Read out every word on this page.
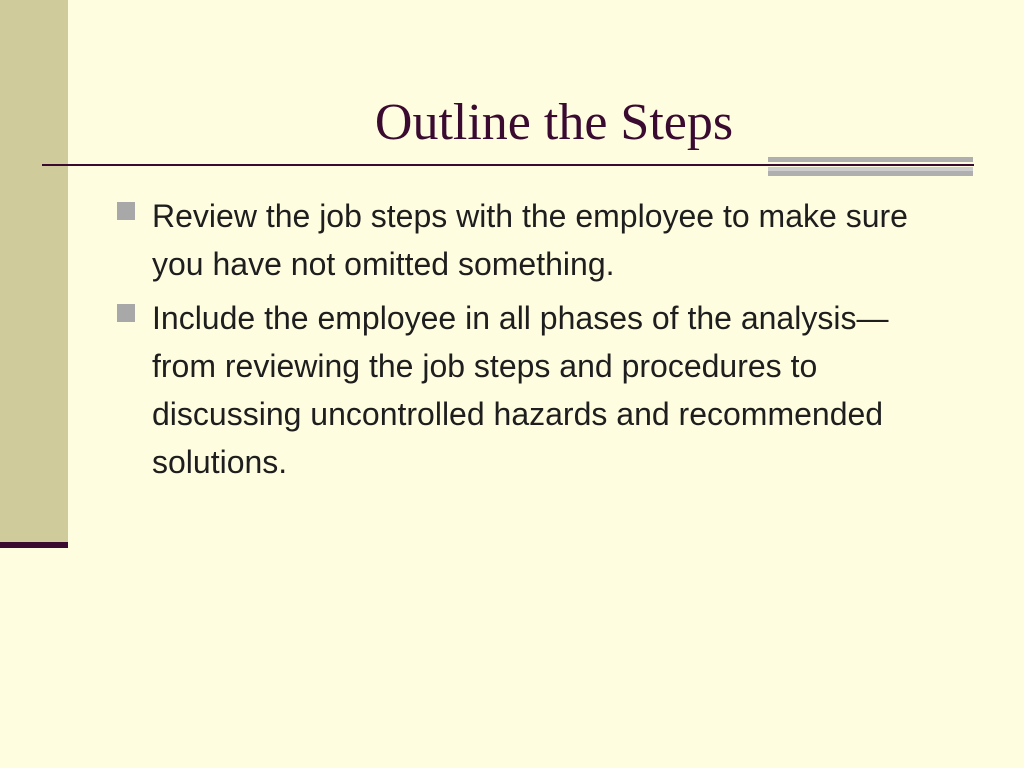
Outline the Steps
Review the job steps with the employee to make sure you have not omitted something.
Include the employee in all phases of the analysis—from reviewing the job steps and procedures to discussing uncontrolled hazards and recommended solutions.
